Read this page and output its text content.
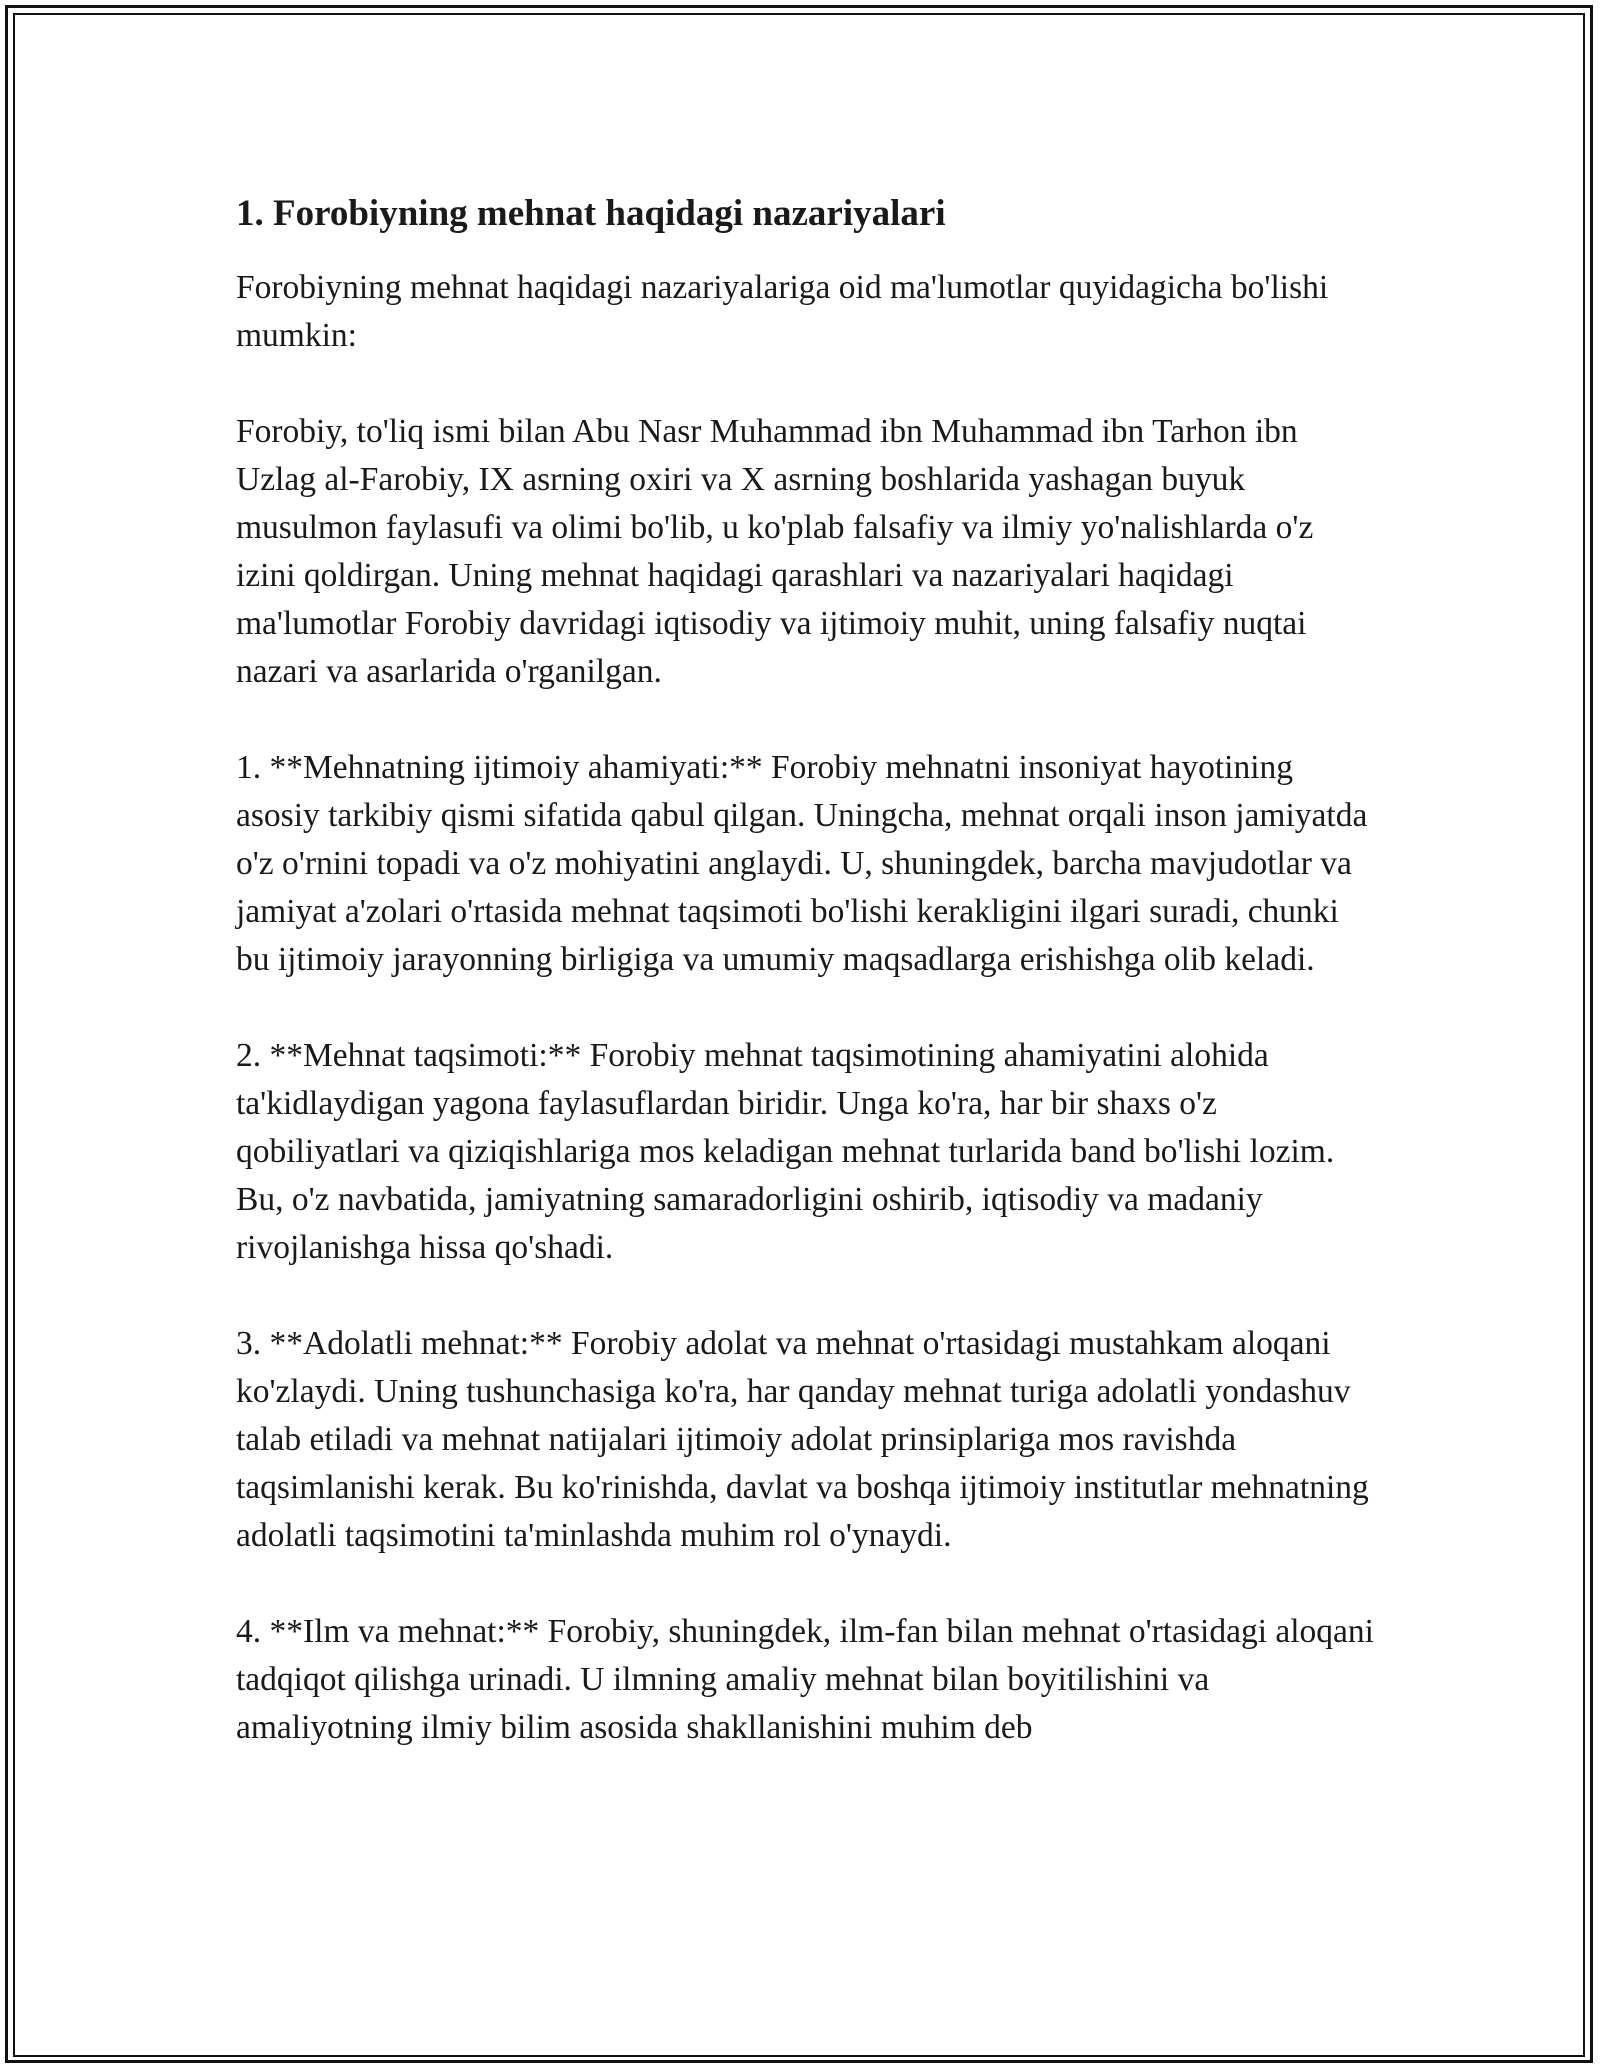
1. Forobiyning mehnat haqidagi nazariyalari

Forobiyning mehnat haqidagi nazariyalariga oid ma'lumotlar quyidagicha bo'lishi mumkin:

Forobiy, to'liq ismi bilan Abu Nasr Muhammad ibn Muhammad ibn Tarhon ibn Uzlag al-Farobiy, IX asrning oxiri va X asrning boshlarida yashagan buyuk musulmon faylasufi va olimi bo'lib, u ko'plab falsafiy va ilmiy yo'nalishlarda o'z izini qoldirgan. Uning mehnat haqidagi qarashlari va nazariyalari haqidagi ma'lumotlar Forobiy davridagi iqtisodiy va ijtimoiy muhit, uning falsafiy nuqtai nazari va asarlarida o'rganilgan.

1. **Mehnatning ijtimoiy ahamiyati:** Forobiy mehnatni insoniyat hayotining asosiy tarkibiy qismi sifatida qabul qilgan. Uningcha, mehnat orqali inson jamiyatda o'z o'rnini topadi va o'z mohiyatini anglaydi. U, shuningdek, barcha mavjudotlar va jamiyat a'zolari o'rtasida mehnat taqsimoti bo'lishi kerakligini ilgari suradi, chunki bu ijtimoiy jarayonning birligiga va umumiy maqsadlarga erishishga olib keladi.

2. **Mehnat taqsimoti:** Forobiy mehnat taqsimotining ahamiyatini alohida ta'kidlaydigan yagona faylasuflardan biridir. Unga ko'ra, har bir shaxs o'z qobiliyatlari va qiziqishlariga mos keladigan mehnat turlarida band bo'lishi lozim. Bu, o'z navbatida, jamiyatning samaradorligini oshirib, iqtisodiy va madaniy rivojlanishga hissa qo'shadi.

3. **Adolatli mehnat:** Forobiy adolat va mehnat o'rtasidagi mustahkam aloqani ko'zlaydi. Uning tushunchasiga ko'ra, har qanday mehnat turiga adolatli yondashuv talab etiladi va mehnat natijalari ijtimoiy adolat prinsiplariga mos ravishda taqsimlanishi kerak. Bu ko'rinishda, davlat va boshqa ijtimoiy institutlar mehnatning adolatli taqsimotini ta'minlashda muhim rol o'ynaydi.

4. **Ilm va mehnat:** Forobiy, shuningdek, ilm-fan bilan mehnat o'rtasidagi aloqani tadqiqot qilishga urinadi. U ilmning amaliy mehnat bilan boyitilishini va amaliyotning ilmiy bilim asosida shakllanishini muhim deb
